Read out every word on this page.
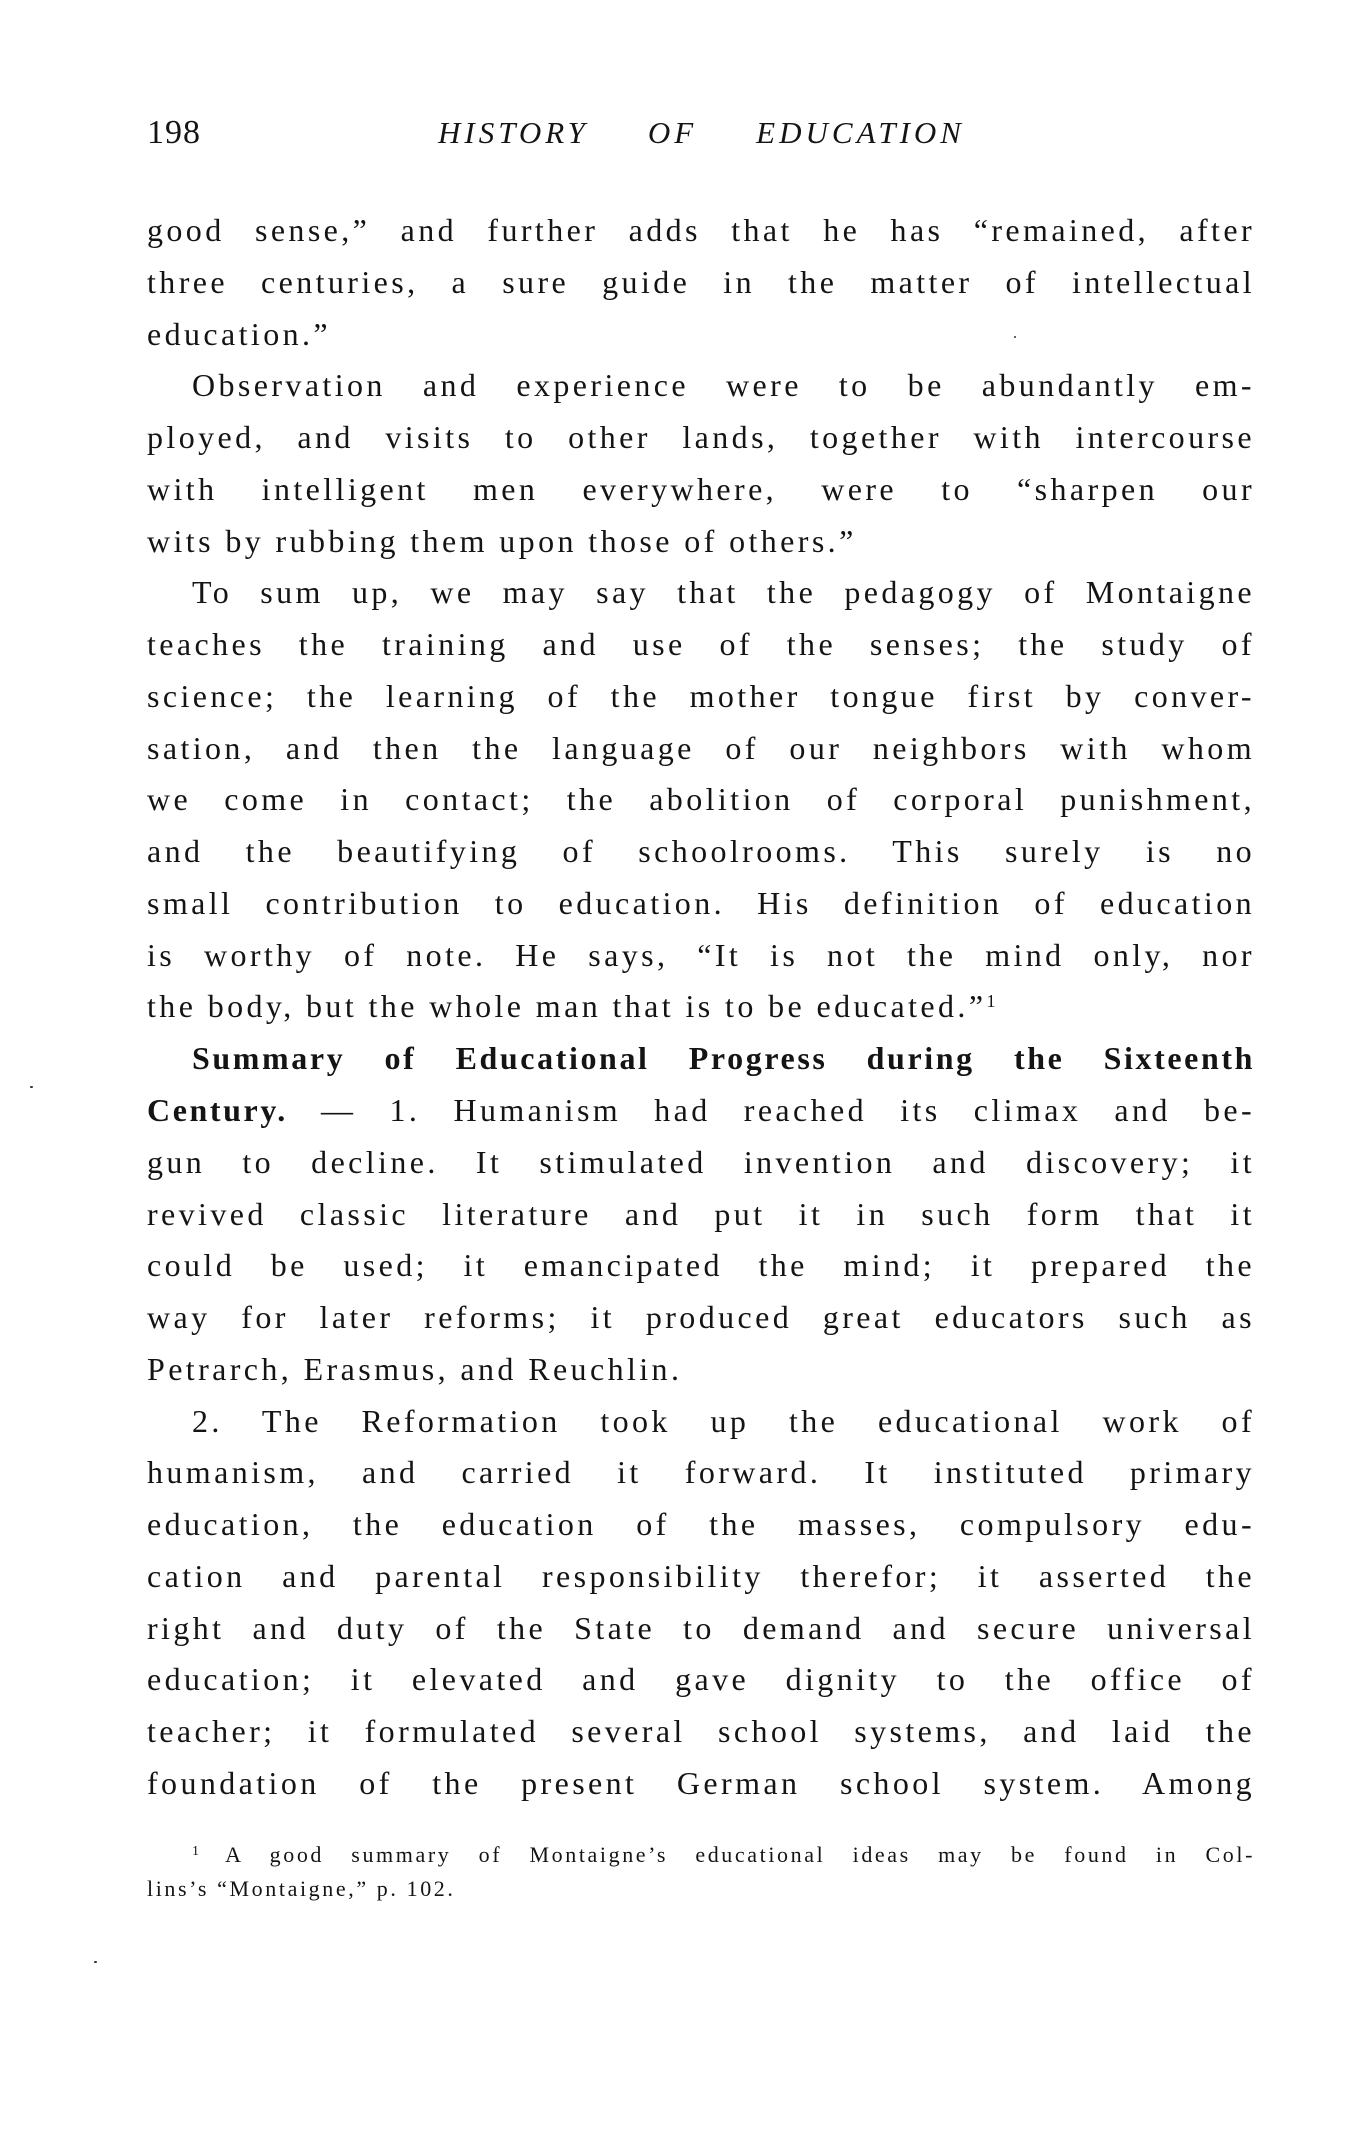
198	HISTORY OF EDUCATION
good sense,” and further adds that he has “remained, after
three centuries, a sure guide in the matter of intellectual
education.”
Observation and experience were to be abundantly em-
ployed, and visits to other lands, together with intercourse
with intelligent men everywhere, were to “sharpen our
wits by rubbing them upon those of others.”
To sum up, we may say that the pedagogy of Montaigne
teaches the training and use of the senses; the study of
science; the learning of the mother tongue first by conver-
sation, and then the language of our neighbors with whom
we come in contact; the abolition of corporal punishment,
and the beautifying of schoolrooms. This surely is no
small contribution to education. His definition of education
is worthy of note. He says, “It is not the mind only, nor
the body, but the whole man that is to be educated.”$^1$
Summary of Educational Progress during the Sixteenth
Century. — 1. Humanism had reached its climax and be-
gun to decline. It stimulated invention and discovery; it
revived classic literature and put it in such form that it
could be used; it emancipated the mind; it prepared the
way for later reforms; it produced great educators such as
Petrarch, Erasmus, and Reuchlin.
2. The Reformation took up the educational work of
humanism, and carried it forward. It instituted primary
education, the education of the masses, compulsory edu-
cation and parental responsibility therefor; it asserted the
right and duty of the State to demand and secure universal
education; it elevated and gave dignity to the office of
teacher; it formulated several school systems, and laid the
foundation of the present German school system. Among
$^1$ A good summary of Montaigne’s educational ideas may be found in Col-
lins’s “Montaigne,” p. 102.
